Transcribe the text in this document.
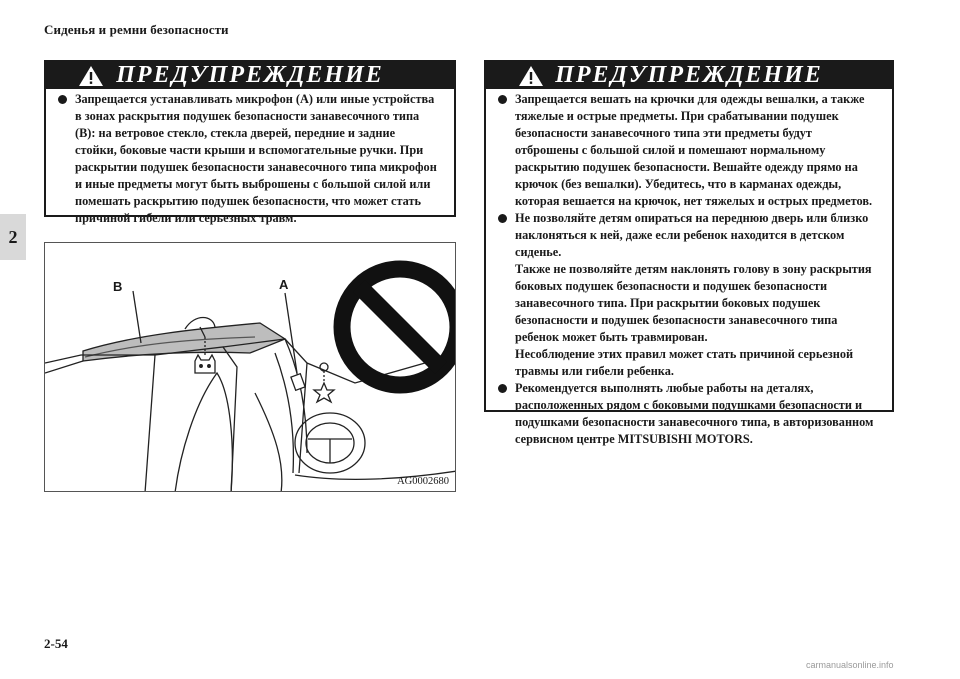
Сиденья и ремни безопасности
2
ПРЕДУПРЕЖДЕНИЕ

Запрещается устанавливать микрофон (A) или иные устройства

в зонах раскрытия подушек безопасности занавесочного типа

(B): на ветровое стекло, стекла дверей, передние и задние

стойки, боковые части крыши и вспомогательные ручки. При

раскрытии подушек безопасности занавесочного типа микрофон

и иные предметы могут быть выброшены с большой силой или

помешать раскрытию подушек безопасности, что может стать

причиной гибели или серьезных травм.

ПРЕДУПРЕЖДЕНИЕ

Запрещается вешать на крючки для одежды вешалки, а также

тяжелые и острые предметы. При срабатывании подушек

безопасности занавесочного типа эти предметы будут

отброшены с большой силой и помешают нормальному

раскрытию подушек безопасности. Вешайте одежду прямо на

крючок (без вешалки). Убедитесь, что в карманах одежды,

которая вешается на крючок, нет тяжелых и острых предметов.

Не позволяйте детям опираться на переднюю дверь или близко

наклоняться к ней, даже если ребенок находится в детском

сиденье.

Также не позволяйте детям наклонять голову в зону раскрытия

боковых подушек безопасности и подушек безопасности

занавесочного типа. При раскрытии боковых подушек

безопасности и подушек безопасности занавесочного типа

ребенок может быть травмирован.

Несоблюдение этих правил может стать причиной серьезной

травмы или гибели ребенка.

Рекомендуется выполнять любые работы на деталях,

расположенных рядом с боковыми подушками безопасности и

подушками безопасности занавесочного типа, в авторизованном

сервисном центре MITSUBISHI MOTORS.

B	A
AG0002680
2-54
carmanualsonline.info
